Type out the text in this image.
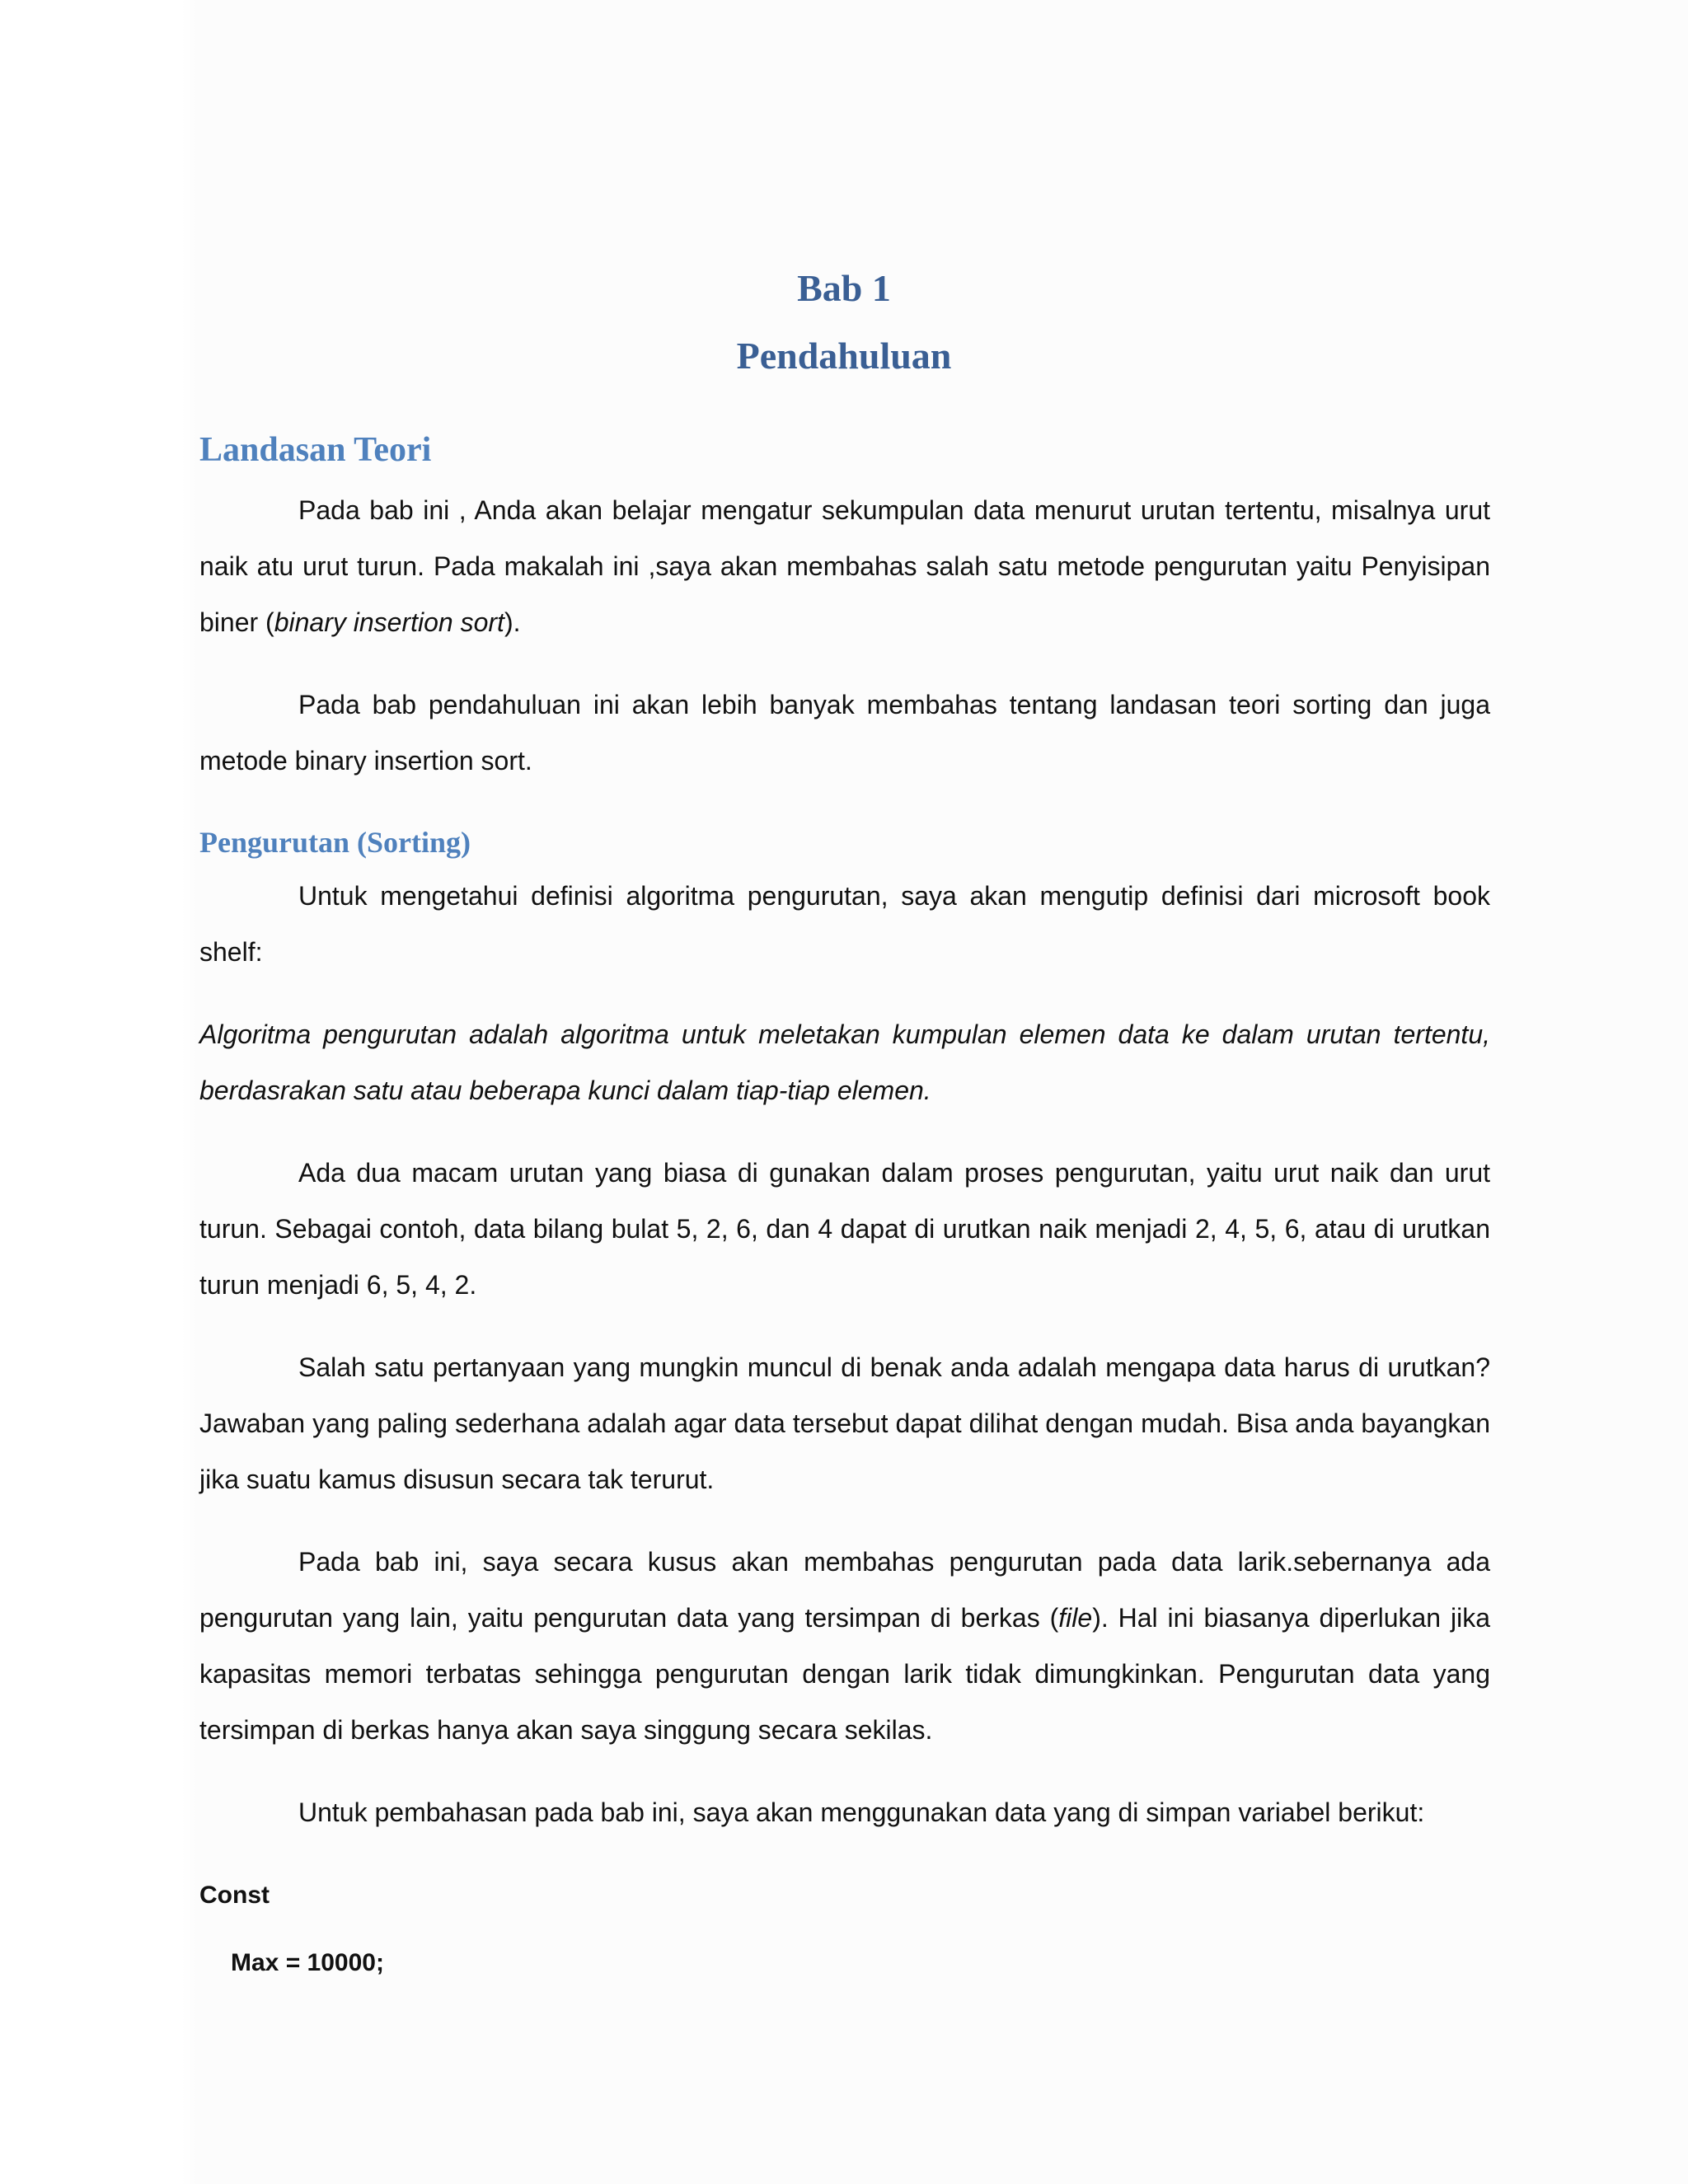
Bab 1
Pendahuluan
Landasan Teori

Pada bab ini , Anda akan belajar mengatur sekumpulan data menurut urutan tertentu, misalnya urut naik atu urut turun. Pada makalah ini ,saya akan membahas salah satu metode pengurutan yaitu Penyisipan biner (binary insertion sort).

Pada bab pendahuluan ini akan lebih banyak membahas tentang landasan teori sorting dan juga metode binary insertion sort.

Pengurutan (Sorting)

Untuk mengetahui definisi algoritma pengurutan, saya akan mengutip definisi dari microsoft book shelf:

Algoritma pengurutan adalah algoritma untuk meletakan kumpulan elemen data ke dalam urutan tertentu, berdasrakan satu atau beberapa kunci dalam tiap-tiap elemen.

Ada dua macam urutan yang biasa di gunakan dalam proses pengurutan, yaitu urut naik dan urut turun. Sebagai contoh, data bilang bulat 5, 2, 6, dan 4 dapat di urutkan naik menjadi 2, 4, 5, 6, atau di urutkan turun menjadi 6, 5, 4, 2.

Salah satu pertanyaan yang mungkin muncul di benak anda adalah mengapa data harus di urutkan? Jawaban yang paling sederhana adalah agar data tersebut dapat dilihat dengan mudah. Bisa anda bayangkan jika suatu kamus disusun secara tak terurut.

Pada bab ini, saya secara kusus akan membahas pengurutan pada data larik.sebernanya ada pengurutan yang lain, yaitu pengurutan data yang tersimpan di berkas (file). Hal ini biasanya diperlukan jika kapasitas memori terbatas sehingga pengurutan dengan larik tidak dimungkinkan. Pengurutan data yang tersimpan di berkas hanya akan saya singgung secara sekilas.

Untuk pembahasan pada bab ini, saya akan menggunakan data yang di simpan variabel berikut:

Const
Max = 10000;
